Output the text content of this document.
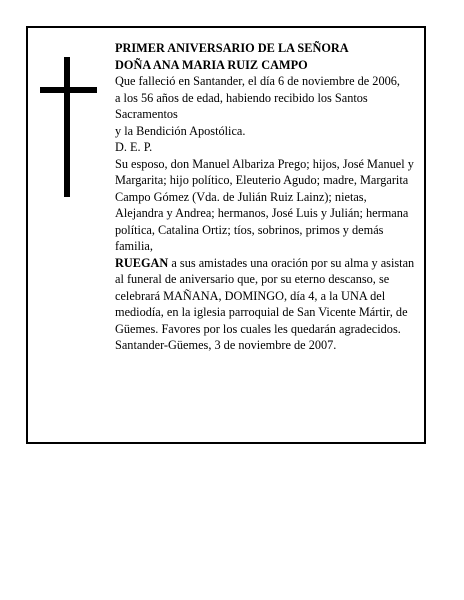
PRIMER ANIVERSARIO DE LA SEÑORA

DOÑA ANA MARIA RUIZ CAMPO

Que falleció en Santander, el día 6 de noviembre de 2006,

a los 56 años de edad, habiendo recibido los Santos Sacramentos

y la Bendición Apostólica.

D. E. P.

Su esposo, don Manuel Albariza Prego; hijos, José Manuel y Margarita; hijo político, Eleuterio Agudo; madre, Margarita Campo Gómez (Vda. de Julián Ruiz Lainz); nietas, Alejandra y Andrea; hermanos, José Luis y Julián; hermana política, Catalina Ortiz; tíos, sobrinos, primos y demás familia,

RUEGAN a sus amistades una oración por su alma y asistan al funeral de aniversario que, por su eterno descanso, se celebrará MAÑANA, DOMINGO, día 4, a la UNA del mediodía, en la iglesia parroquial de San Vicente Mártir, de Güemes. Favores por los cuales les quedarán agradecidos.

Santander-Güemes, 3 de noviembre de 2007.
